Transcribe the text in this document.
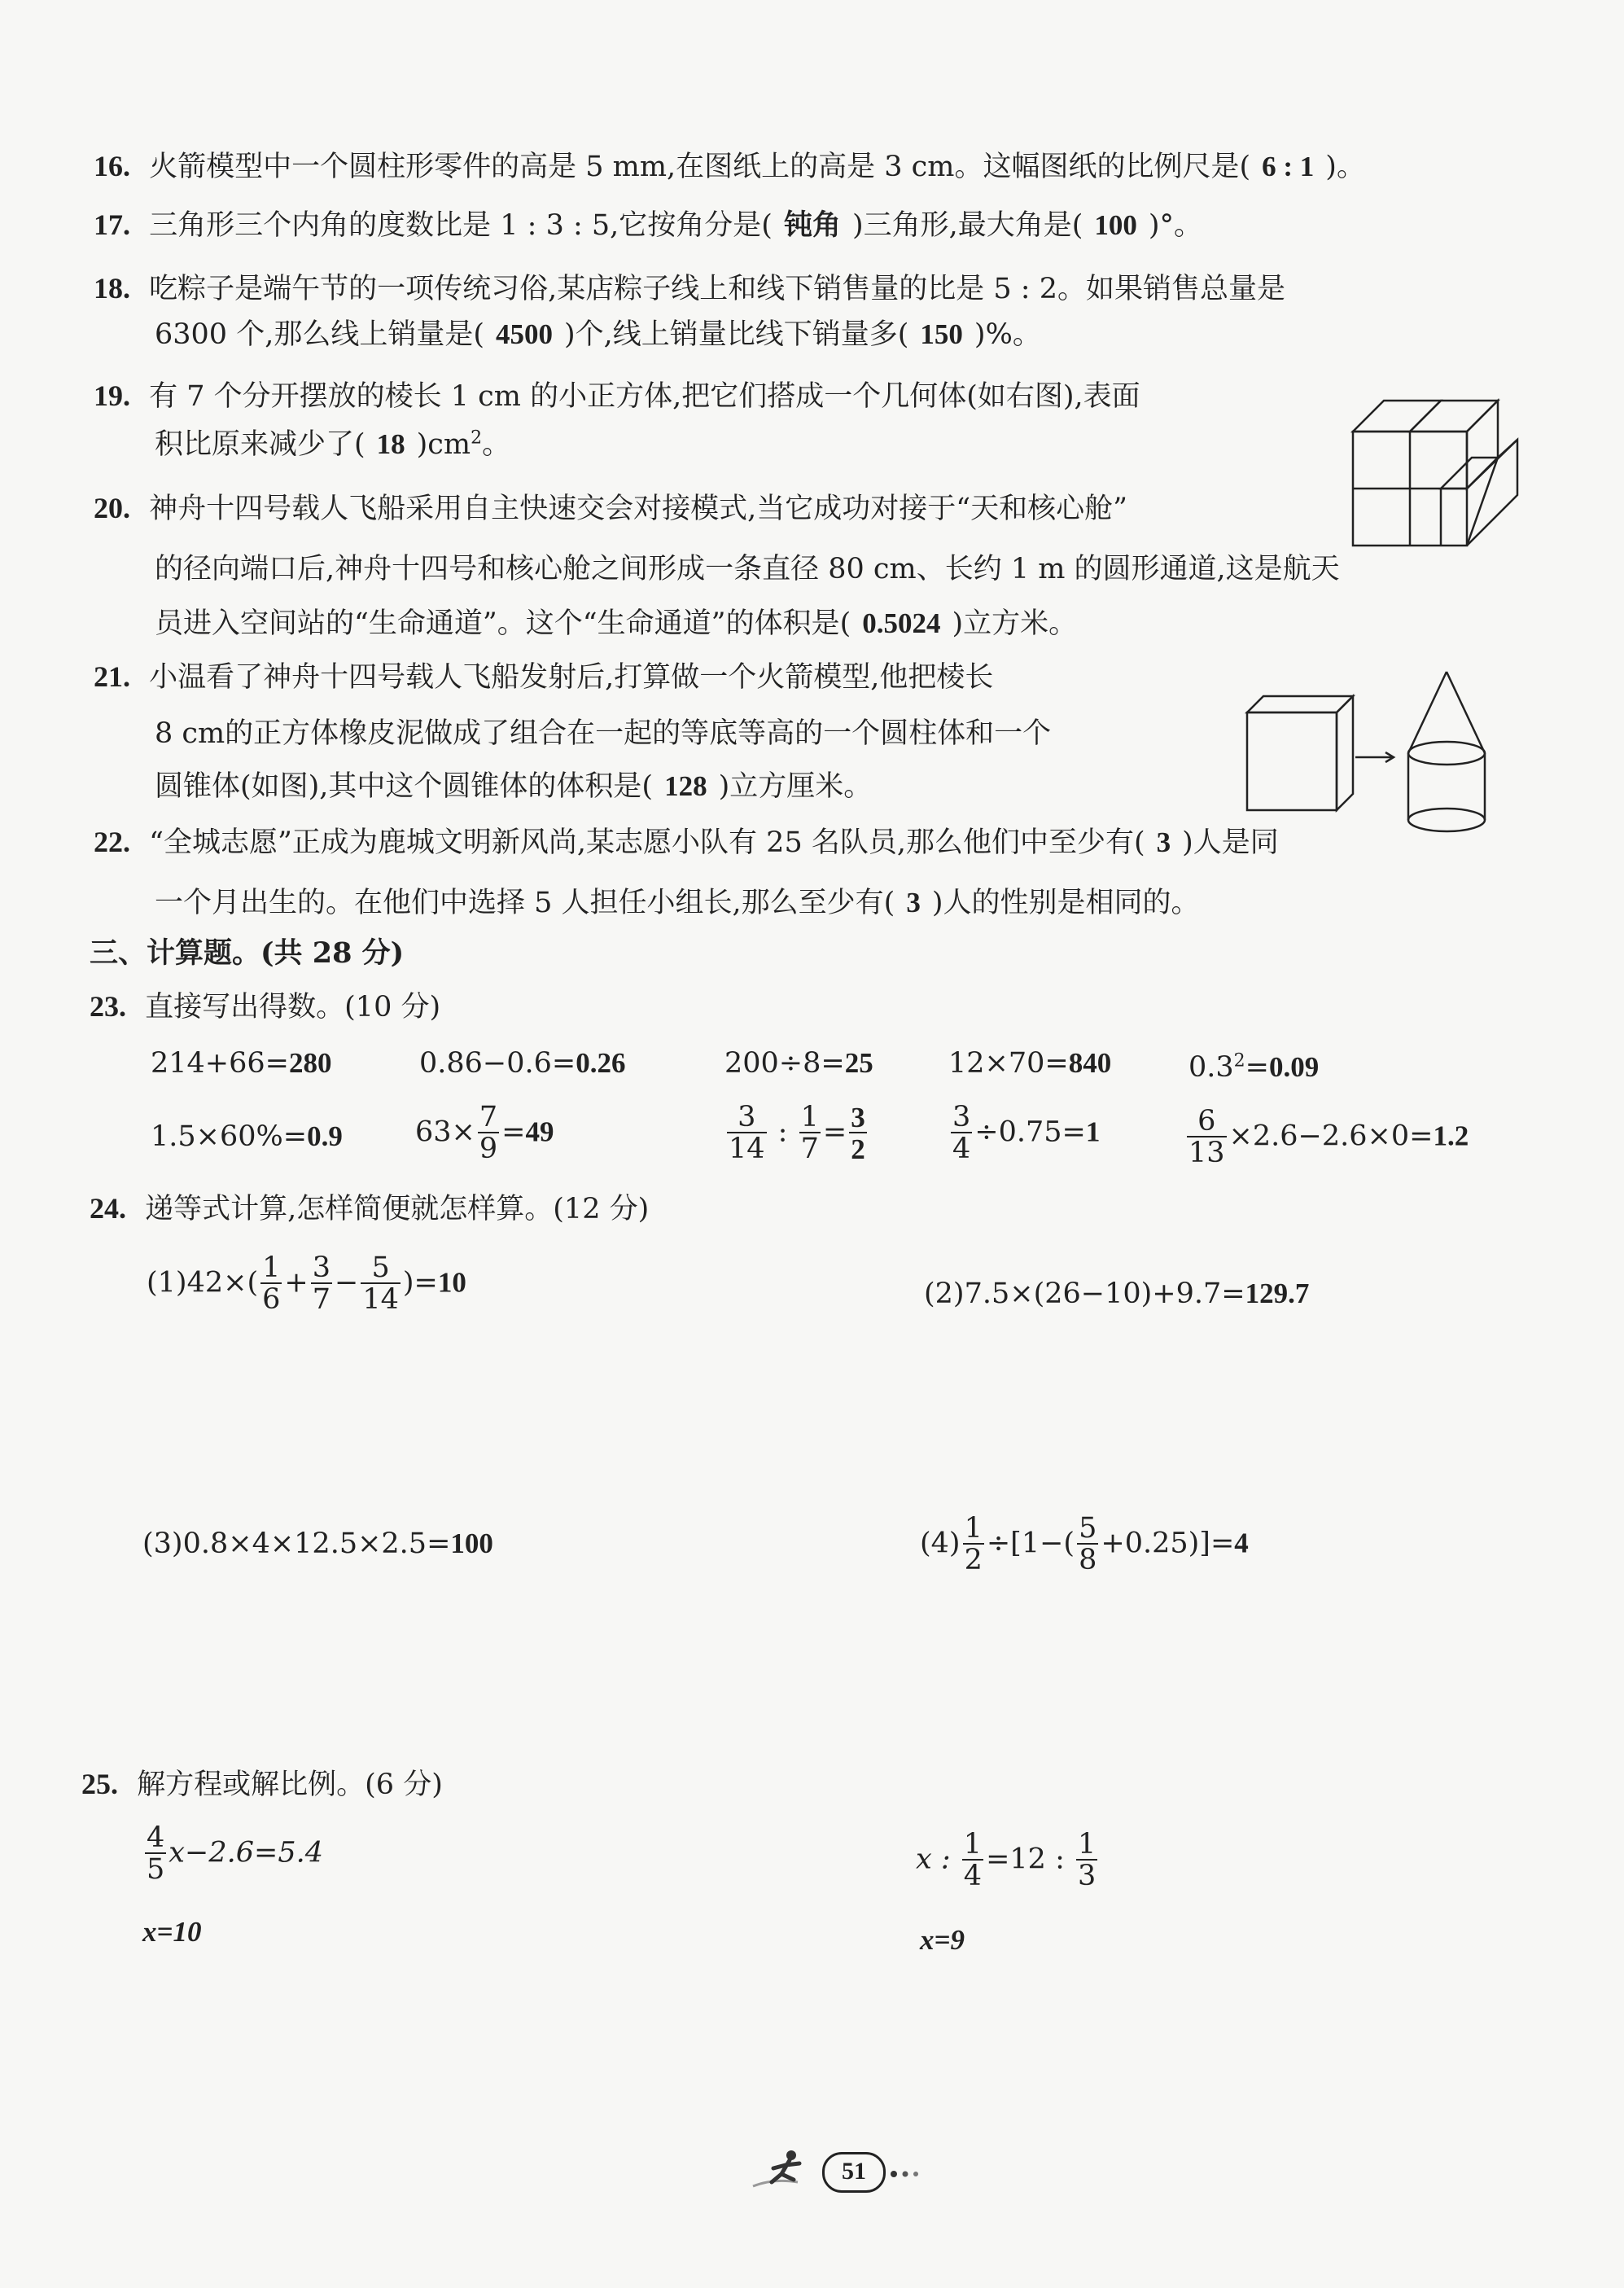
16. 火箭模型中一个圆柱形零件的高是 5 mm,在图纸上的高是 3 cm。这幅图纸的比例尺是( 6 : 1 )。
17. 三角形三个内角的度数比是 1 : 3 : 5,它按角分是( 钝角 )三角形,最大角是( 100 )°。
18. 吃粽子是端午节的一项传统习俗,某店粽子线上和线下销售量的比是 5 : 2。如果销售总量是
6300 个,那么线上销量是( 4500 )个,线上销量比线下销量多( 150 )%。
19. 有 7 个分开摆放的棱长 1 cm 的小正方体,把它们搭成一个几何体(如右图),表面
积比原来减少了( 18 )$cm^2$。
20. 神舟十四号载人飞船采用自主快速交会对接模式,当它成功对接于“天和核心舱”
的径向端口后,神舟十四号和核心舱之间形成一条直径 80 cm、长约 1 m 的圆形通道,这是航天
员进入空间站的“生命通道”。这个“生命通道”的体积是( 0.5024 )立方米。
21. 小温看了神舟十四号载人飞船发射后,打算做一个火箭模型,他把棱长
8 cm的正方体橡皮泥做成了组合在一起的等底等高的一个圆柱体和一个
圆锥体(如图),其中这个圆锥体的体积是( 128 )立方厘米。
22. “全城志愿”正成为鹿城文明新风尚,某志愿小队有 25 名队员,那么他们中至少有( 3 )人是同
一个月出生的。在他们中选择 5 人担任小组长,那么至少有( 3 )人的性别是相同的。
三、计算题。(共 28 分)
23. 直接写出得数。(10 分)
214+66=280	0.86−0.6=0.26	200÷8=25	12×70=840	$0.3^2=0.09$
1.5×60%=0.9	$63\times \frac{7}{9} =49$	$\frac{3}{14}$ : $\frac{1}{7} = \frac{3}{2}$	$\frac{3}{4} \div 0.75=1$	$\frac{6}{13} \times 2.6-2.6\times 0=1.2$
24. 递等式计算,怎样简便就怎样算。(12 分)
$(1)42\times( \frac{1}{6} + \frac{3}{7} - \frac{5}{14} )=10$	(2)7.5×(26−10)+9.7=129.7
(3)0.8×4×12.5×2.5=100	$(4) \frac{1}{2} \div[1-( \frac{5}{8} +0.25)]=4$
25. 解方程或解比例。(6 分)
$\frac{4}{5} x-2.6=5.4$
x=10
x : $\frac{1}{4} =12$ : $\frac{1}{3}$
x=9
51
